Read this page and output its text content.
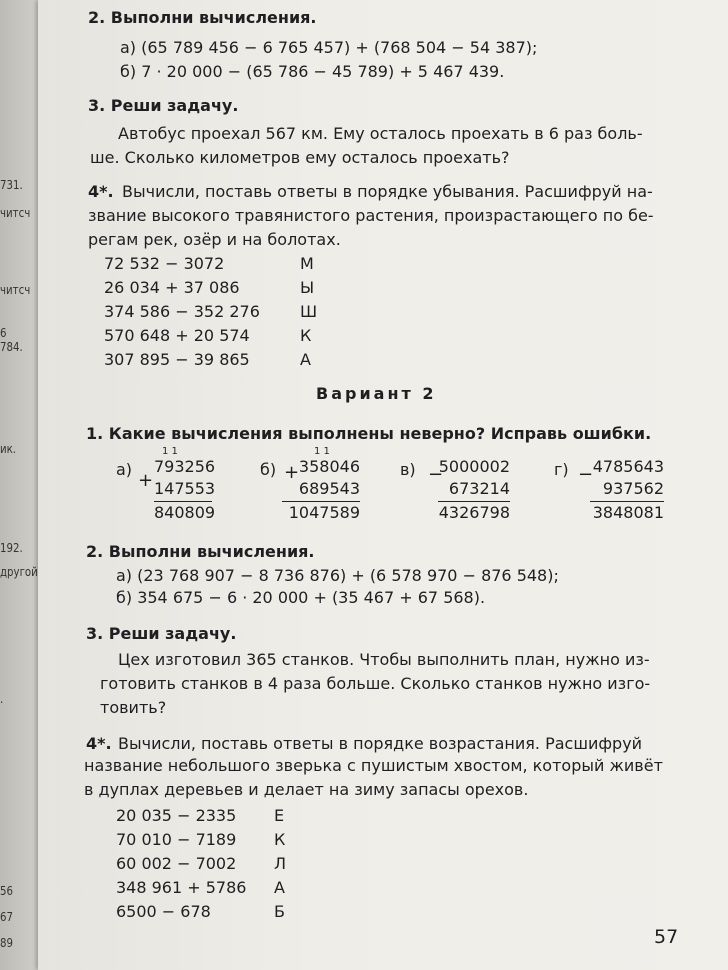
731.
читсч
читсч
6 784.
ик.
192.
другой
.
56
67
89
2. Выполни вычисления.
а) (65 789 456 − 6 765 457) + (768 504 − 54 387);
б) 7 · 20 000 − (65 786 − 45 789) + 5 467 439.
3. Реши задачу.
Автобус проехал 567 км. Ему осталось проехать в 6 раз боль-
ше. Сколько километров ему осталось проехать?
4*. Вычисли, поставь ответы в порядке убывания. Расшифруй на-
звание высокого травянистого растения, произрастающего по бе-
регам рек, озёр и на болотах.
72 532 − 3072	М
26 034 + 37 086	Ы
374 586 − 352 276	Ш
570 648 + 20 574	К
307 895 − 39 865	А
Вариант 2
1. Какие вычисления выполнены неверно? Исправь ошибки.
а)
+
1 1
793256
147553
840809
б) +
1 1
358046
689543
1047589
в) −
5000002
673214
4326798
г) − 4785643
937562
3848081
2. Выполни вычисления.
а) (23 768 907 − 8 736 876) + (6 578 970 − 876 548);
б) 354 675 − 6 · 20 000 + (35 467 + 67 568).
3. Реши задачу.
Цех изготовил 365 станков. Чтобы выполнить план, нужно из-
готовить станков в 4 раза больше. Сколько станков нужно изго-
товить?
4*. Вычисли, поставь ответы в порядке возрастания. Расшифруй
название небольшого зверька с пушистым хвостом, который живёт
в дуплах деревьев и делает на зиму запасы орехов.
20 035 − 2335 Е
70 010 − 7189 К
60 002 − 7002 Л
348 961 + 5786 А
6500 − 678	Б
57
